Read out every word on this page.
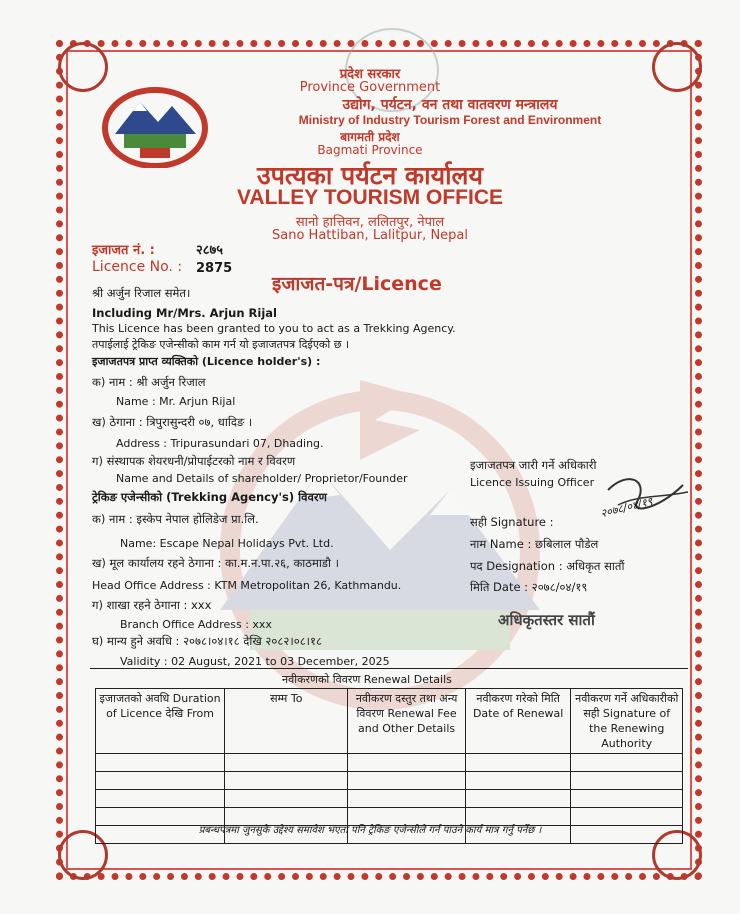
प्रदेश सरकार
Province Government
उद्योग, पर्यटन, वन तथा वातवरण मन्त्रालय
Ministry of Industry Tourism Forest and Environment
बागमती प्रदेश
Bagmati Province
उपत्यका पर्यटन कार्यालय
VALLEY TOURISM OFFICE
सानो हात्तिवन, ललितपुर, नेपाल
Sano Hattiban, Lalitpur, Nepal
इजाजत नं. :	२८७५
Licence No. : 2875
इजाजत-पत्र/Licence
श्री अर्जुन रिजाल समेत।
Including Mr/Mrs. Arjun Rijal
This Licence has been granted to you to act as a Trekking Agency.
तपाईलाई ट्रेकिङ एजेन्सीको काम गर्न यो इजाजतपत्र दिईएको छ ।
इजाजतपत्र प्राप्त व्यक्तिको (Licence holder's) :
क) नाम : श्री अर्जुन रिजाल
Name : Mr. Arjun Rijal
ख) ठेगाना : त्रिपुरासुन्दरी ०७, धादिङ ।
Address : Tripurasundari 07, Dhading.
ग) संस्थापक शेयरधनी/प्रोपाईटरको नाम र विवरण
Name and Details of shareholder/ Proprietor/Founder
ट्रेकिङ एजेन्सीको (Trekking Agency's) विवरण
क) नाम : इस्केप नेपाल होलिडेज प्रा.लि.
Name: Escape Nepal Holidays Pvt. Ltd.
ख) मूल कार्यालय रहने ठेगाना : का.म.न.पा.२६, काठमाडौ ।
Head Office Address : KTM Metropolitan 26, Kathmandu.
ग) शाखा रहने ठेगाना : xxx
Branch Office Address : xxx
घ) मान्य हुने अवधि : २०७८।०४।१८ देखि २०८२।०८।१८
Validity : 02 August, 2021 to 03 December, 2025
इजाजतपत्र जारी गर्ने अधिकारी
Licence Issuing Officer
२०७८/०४/१९
सही Signature :
नाम Name : छबिलाल पौडेल
पद Designation : अधिकृत सातौं
मिति Date : २०७८/०४/१९
अधिकृतस्तर सातौं
नवीकरणको विवरण Renewal Details
इजाजतको अवधि Duration of Licence देखि From	सम्म To	नवीकरण दस्तुर तथा अन्य विवरण Renewal Fee and Other Details	नवीकरण गरेको मिति Date of Renewal	नवीकरण गर्ने अधिकारीको सही Signature of the Renewing Authority

प्रबन्धपत्रमा जुनसुकै उद्देश्य समावेश भएता पनि ट्रेकिङ एजेन्सीले गर्न पाउने कार्य मात्र गर्नु पर्नेछ ।
